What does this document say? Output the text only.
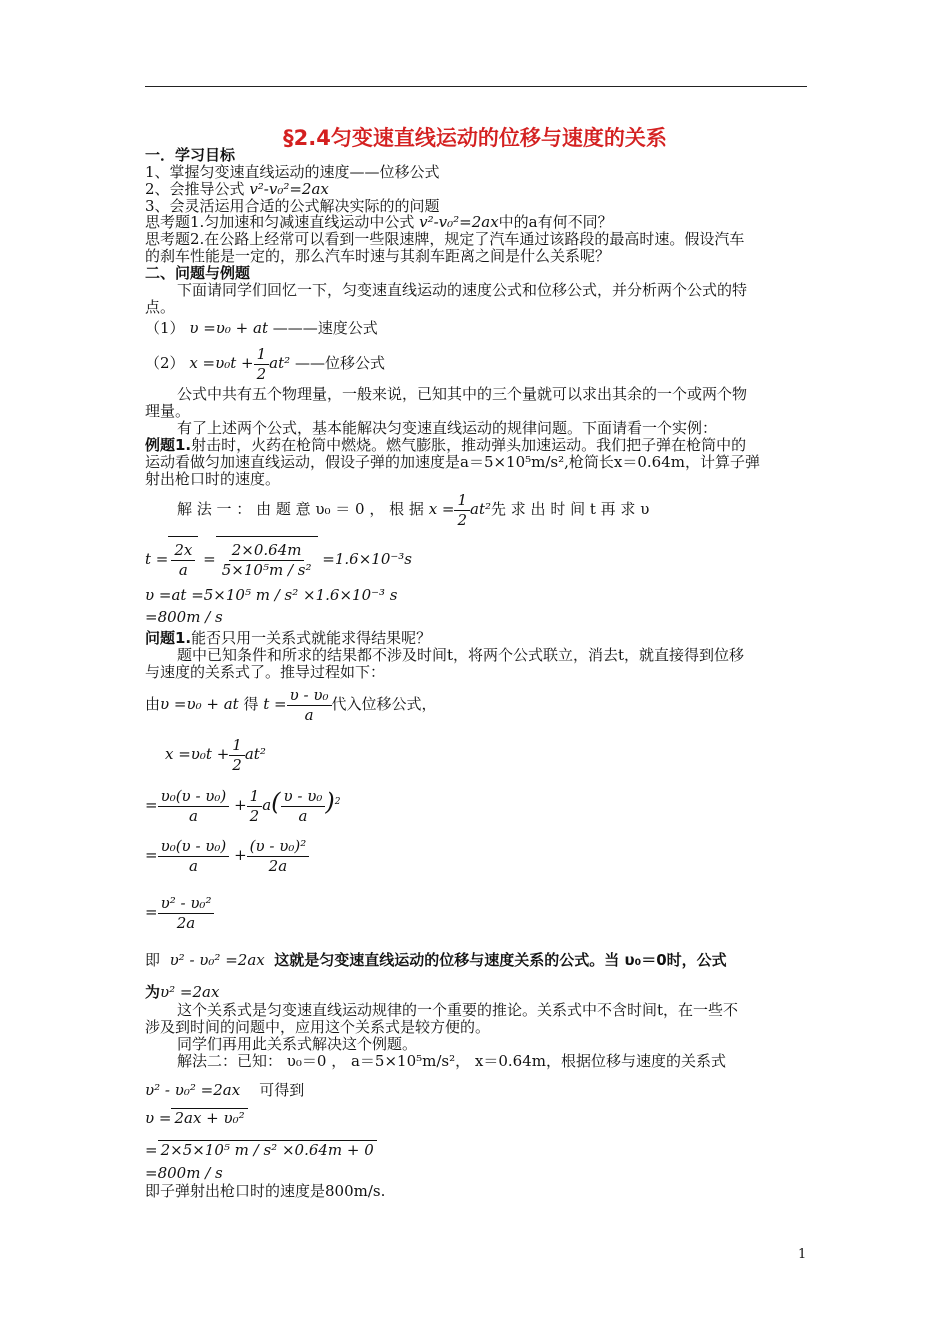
§2.4匀变速直线运动的位移与速度的关系
一．学习目标
1、掌握匀变速直线运动的速度——位移公式
2、会推导公式 v²-v₀²=2ax
3、会灵活运用合适的公式解决实际的的问题
思考题1.匀加速和匀减速直线运动中公式 v²-v₀²=2ax中的a有何不同？
思考题2.在公路上经常可以看到一些限速牌，规定了汽车通过该路段的最高时速。假设汽车
的刹车性能是一定的，那么汽车时速与其刹车距离之间是什么关系呢？
二、问题与例题
下面请同学们回忆一下，匀变速直线运动的速度公式和位移公式，并分析两个公式的特
点。
（1） υ =υ₀ + at ———速度公式
（2） $x =\upsilon_0t + \frac{1}{2} at^2$ ——位移公式
公式中共有五个物理量，一般来说，已知其中的三个量就可以求出其余的一个或两个物
理量。
有了上述两个公式，基本能解决匀变速直线运动的规律问题。下面请看一个实例：
例题1.射击时，火药在枪筒中燃烧。燃气膨胀，推动弹头加速运动。我们把子弹在枪筒中的
运动看做匀加速直线运动，假设子弹的加速度是a＝5×10⁵m/s²,枪筒长x＝0.64m，计算子弹
射出枪口时的速度。
解 法 一 ： 由 题 意 υ₀ ＝ 0 ， 根 据 $x = \frac{1}{2} at^2$先 求 出 时 间 t 再 求 υ
$t = \frac{2x}{a} = \frac{2\times 0.64m}{\text{5×10⁵m / s²}} =1.6\times 10^{-3}s$
υ =at =5×10⁵ m / s² ×1.6×10⁻³ s
=800m / s
问题1.能否只用一关系式就能求得结果呢？
题中已知条件和所求的结果都不涉及时间t，将两个公式联立，消去t，就直接得到位移
与速度的关系式了。推导过程如下：
由υ =υ₀ + at 得 $t = \frac{\text{υ - υ₀}}{a}$ 代入位移公式，
$x =\upsilon_0t + \frac{1}{2} at^2$
= $\frac{\text{υ₀(υ - υ₀)}}{a} + \frac{1}{2} a( \frac{\text{υ - υ₀}}{a} )^2$
= $\frac{\text{υ₀(υ - υ₀)}}{a} + \frac{\text{(υ - υ₀)²}}{2a}$
= $\frac{\text{υ² - υ₀²}}{2a}$
即 υ² - υ₀² =2ax 这就是匀变速直线运动的位移与速度关系的公式。当 υ₀＝0时，公式
为υ² =2ax
这个关系式是匀变速直线运动规律的一个重要的推论。关系式中不含时间t，在一些不
涉及到时间的问题中，应用这个关系式是较方便的。
同学们再用此关系式解决这个例题。
解法二：已知： υ₀＝0 ， a＝5×10⁵m/s²， x＝0.64m，根据位移与速度的关系式
υ² - υ₀² =2ax 可得到
υ = 2ax + υ₀²
= 2×5×10⁵ m / s² ×0.64m + 0
=800m / s
即子弹射出枪口时的速度是800m/s.
1
